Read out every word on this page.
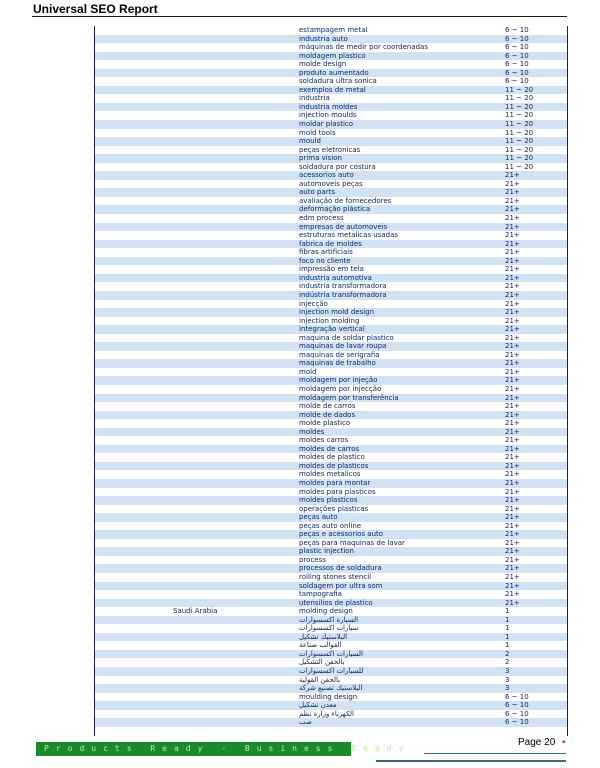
Universal SEO Report
estampagem metal	6 ~ 10
industria auto	6 ~ 10
máquinas de medir por coordenadas	6 ~ 10
moldagem plastico	6 ~ 10
molde design	6 ~ 10
produto aumentado	6 ~ 10
soldadura ultra sonica	6 ~ 10
exemplos de metal	11 ~ 20
industria	11 ~ 20
industria moldes	11 ~ 20
injection moulds	11 ~ 20
moldar plastico	11 ~ 20
mold tools	11 ~ 20
mould	11 ~ 20
peças eletronicas	11 ~ 20
prima vision	11 ~ 20
soldadura por costura	11 ~ 20
acessorios auto	21+
automoveis peças	21+
auto parts	21+
avaliação de fornecedores	21+
deformação plástica	21+
edm process	21+
empresas de automoveis	21+
estruturas metalicas usadas	21+
fabrica de moldes	21+
fibras artificiais	21+
foco no cliente	21+
impressão em tela	21+
industria automotiva	21+
industria transformadora	21+
indústria transformadora	21+
injecção	21+
injection mold design	21+
injection molding	21+
integração vertical	21+
maquina de soldar plastico	21+
maquinas de lavar roupa	21+
maquinas de serigrafia	21+
maquinas de trabalho	21+
mold	21+
moldagem por injeção	21+
moldagem por injecção	21+
moldagem por transferência	21+
molde de carros	21+
molde de dados	21+
molde plastico	21+
moldes	21+
moldes carros	21+
moldes de carros	21+
moldes de plastico	21+
moldes de plasticos	21+
moldes metalicos	21+
moldes para montar	21+
moldes para plasticos	21+
moldes plasticos	21+
operações plasticas	21+
peças auto	21+
peças auto online	21+
peças e acessorios auto	21+
peças para maquinas de lavar	21+
plastic injection	21+
process	21+
processos de soldadura	21+
rolling stones stencil	21+
soldagem por ultra som	21+
tampografia	21+
utensilios de plastico	21+
Saudi Arabia	molding design	1
السيارة اكسسوارات	1
سيارات اكسسوارات	1
البلاستيك تشكيل	1
القوالب صناعة	1
السيارات اكسسوارات	2
بالحقن التشكيل	2
للسيارات اكسسوارات	3
بالحقن القولبة	3
البلاستيك تصنيع شركة	3
moulding design	6 ~ 10
معدن تشكيل	6 ~ 10
الكهرباء وزارة نظم	6 ~ 10
صب	6 ~ 10
Products Ready - Business Ready
Page 20 •
